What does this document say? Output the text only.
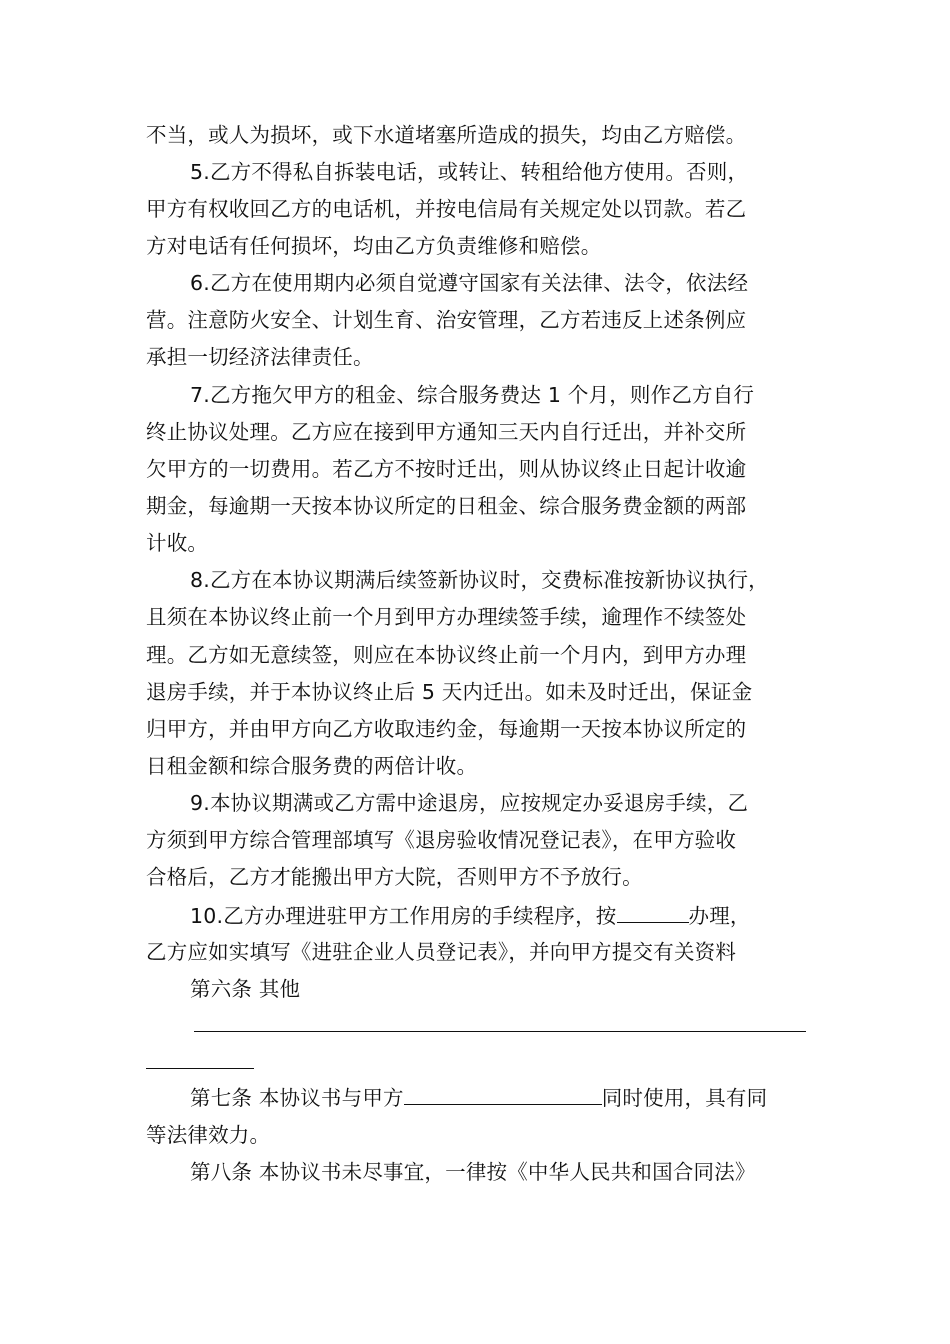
不当，或人为损坏，或下水道堵塞所造成的损失，均由乙方赔偿。
5.乙方不得私自拆装电话，或转让、转租给他方使用。否则，
甲方有权收回乙方的电话机，并按电信局有关规定处以罚款。若乙
方对电话有任何损坏，均由乙方负责维修和赔偿。
6.乙方在使用期内必须自觉遵守国家有关法律、法令，依法经
营。注意防火安全、计划生育、治安管理，乙方若违反上述条例应
承担一切经济法律责任。
7.乙方拖欠甲方的租金、综合服务费达 1 个月，则作乙方自行
终止协议处理。乙方应在接到甲方通知三天内自行迁出，并补交所
欠甲方的一切费用。若乙方不按时迁出，则从协议终止日起计收逾
期金，每逾期一天按本协议所定的日租金、综合服务费金额的两部
计收。
8.乙方在本协议期满后续签新协议时，交费标准按新协议执行，
且须在本协议终止前一个月到甲方办理续签手续，逾理作不续签处
理。乙方如无意续签，则应在本协议终止前一个月内，到甲方办理
退房手续，并于本协议终止后 5 天内迁出。如未及时迁出，保证金
归甲方，并由甲方向乙方收取违约金，每逾期一天按本协议所定的
日租金额和综合服务费的两倍计收。
9.本协议期满或乙方需中途退房，应按规定办妥退房手续，乙
方须到甲方综合管理部填写《退房验收情况登记表》，在甲方验收
合格后，乙方才能搬出甲方大院，否则甲方不予放行。
10.乙方办理进驻甲方工作用房的手续程序，按	办理，
乙方应如实填写《进驻企业人员登记表》，并向甲方提交有关资料
第六条 其他
第七条 本协议书与甲方	同时使用，具有同
等法律效力。
第八条 本协议书未尽事宜，一律按《中华人民共和国合同法》
